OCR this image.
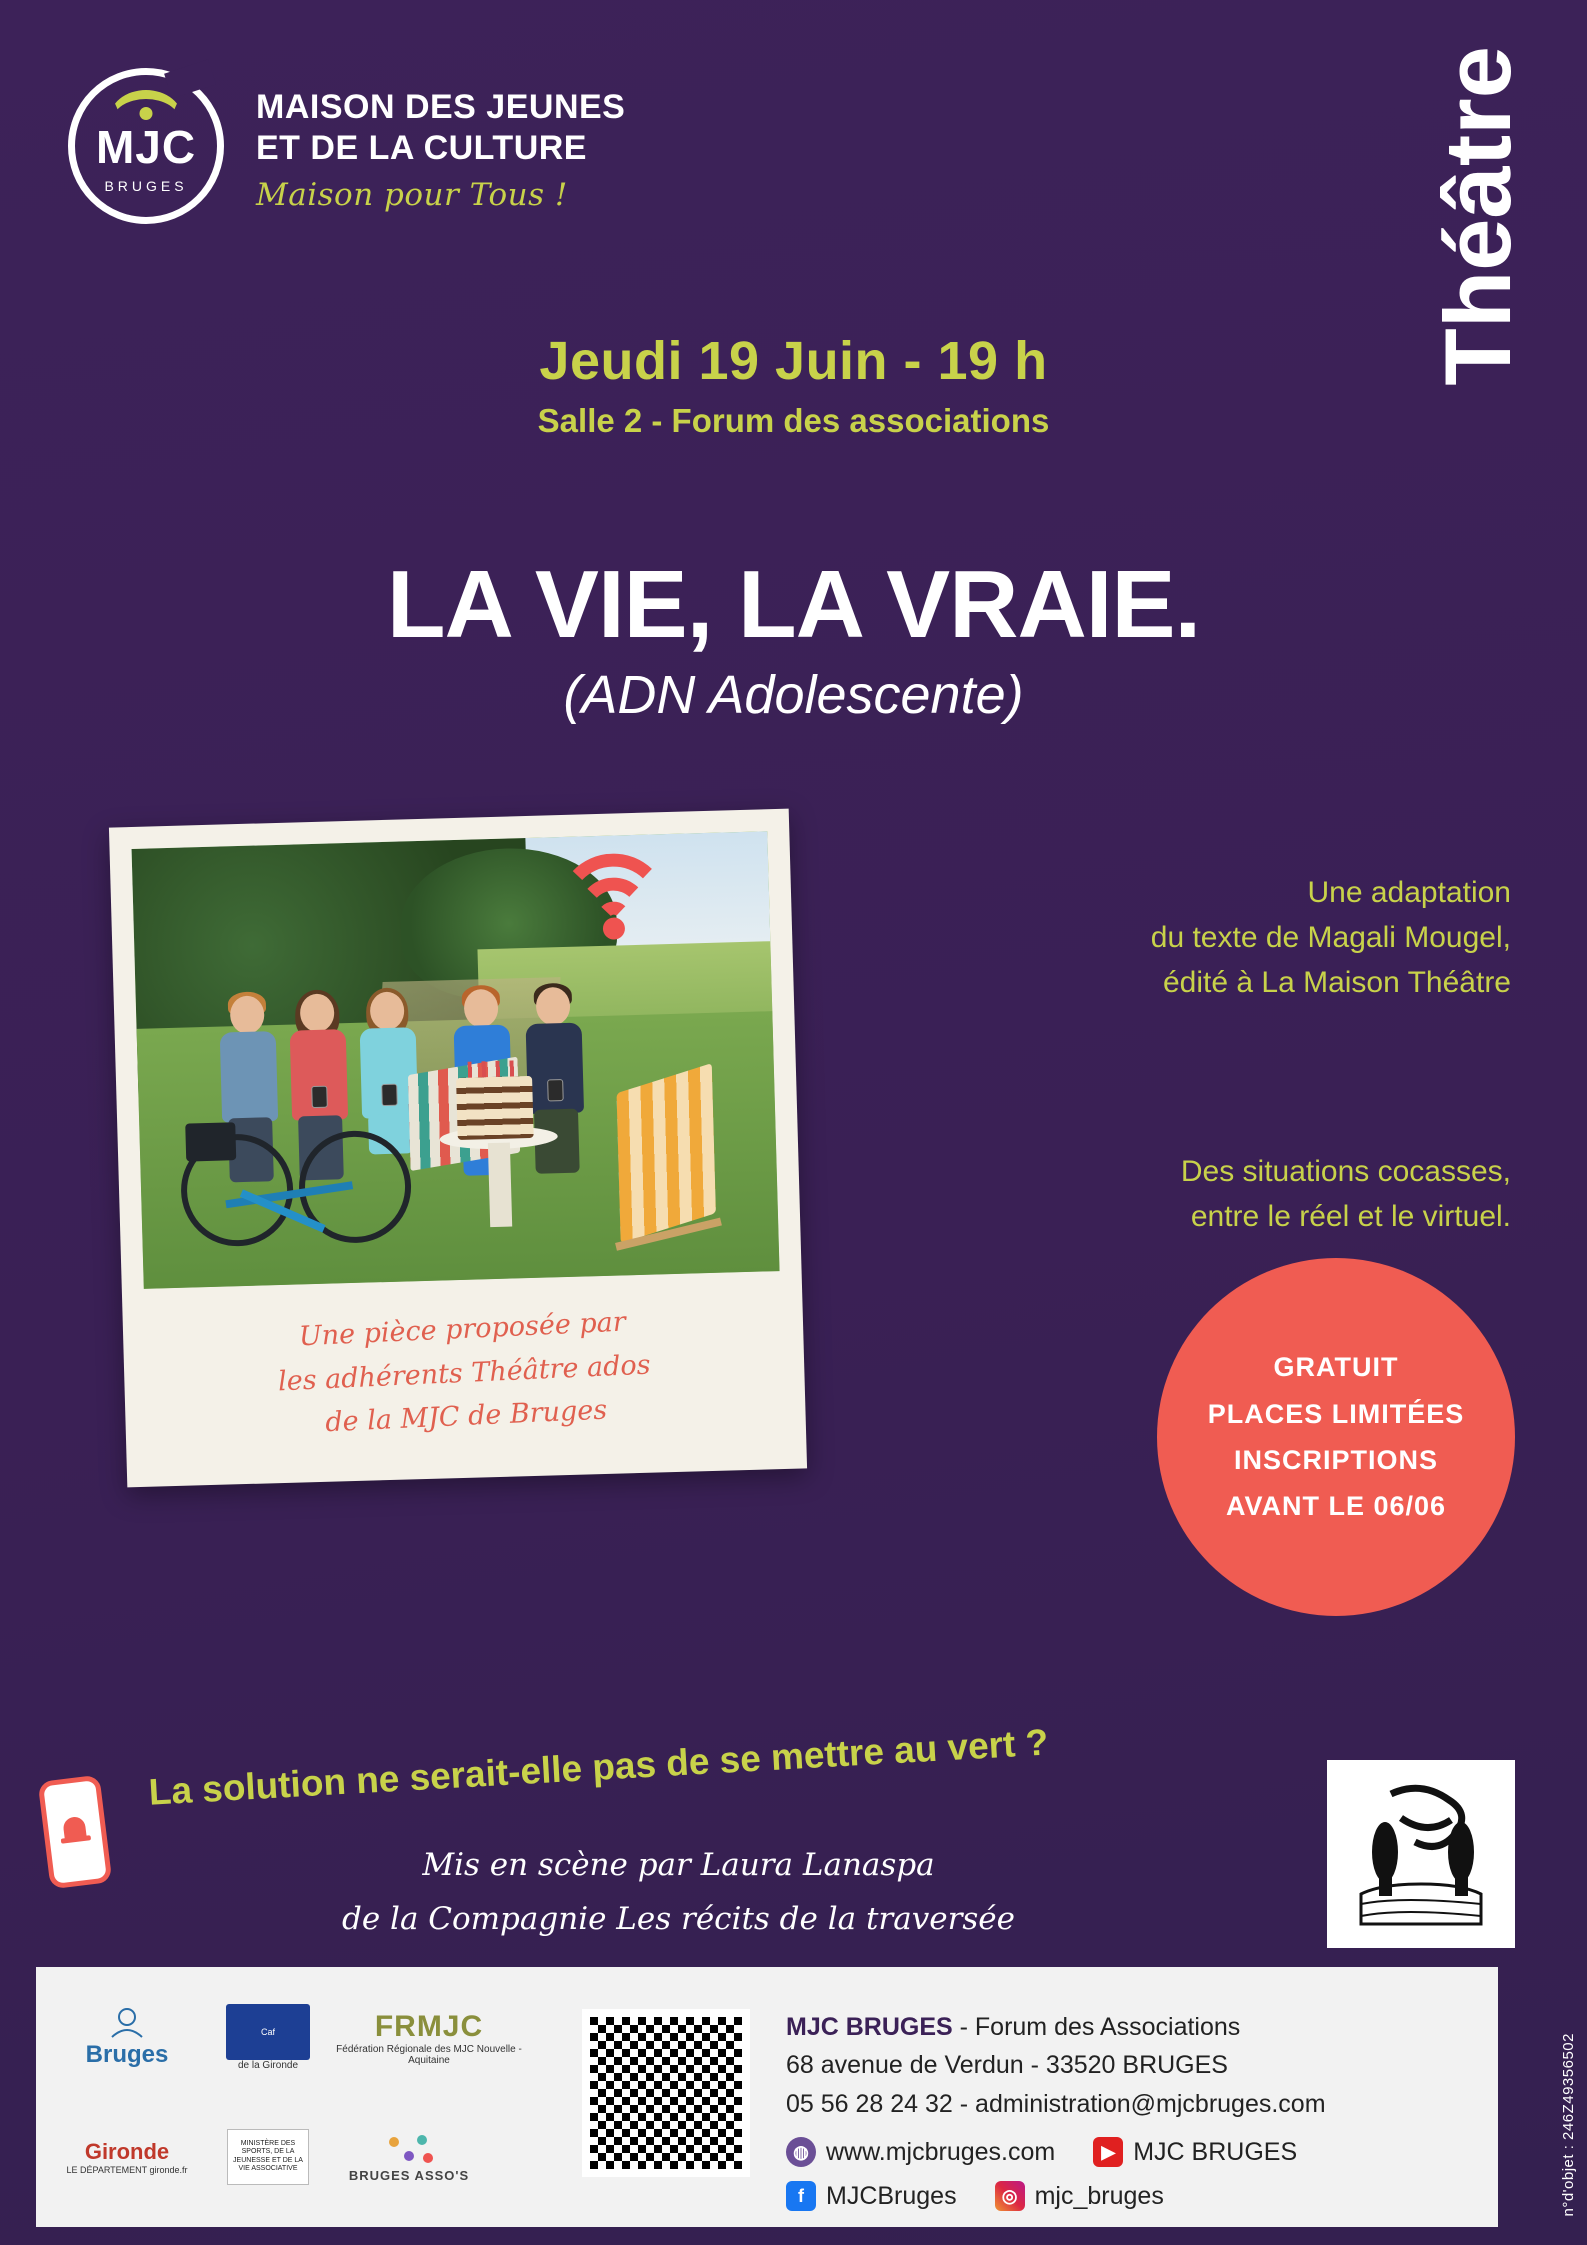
MJC
BRUGES
MAISON DES JEUNES
ET DE LA CULTURE
Maison pour Tous !	Théâtre
Jeudi 19 Juin - 19 h
Salle 2 - Forum des associations
LA VIE, LA VRAIE.
(ADN Adolescente)
Une pièce proposée par
les adhérents Théâtre ados
de la MJC de Bruges
Une adaptation
du texte de Magali Mougel,
édité à La Maison Théâtre
Des situations cocasses,
entre le réel et le virtuel.
GRATUIT
PLACES LIMITÉES
INSCRIPTIONS
AVANT LE 06/06
La solution ne serait-elle pas de se mettre au vert ?
Mis en scène par Laura Lanaspa
de la Compagnie Les récits de la traversée
Bruges
Caf
de la Gironde
FRMJC
Fédération Régionale des MJC Nouvelle - Aquitaine
Gironde
LE DÉPARTEMENT gironde.fr
MINISTÈRE DES SPORTS, DE LA JEUNESSE ET DE LA VIE ASSOCIATIVE	BRUGES ASSO'S
MJC BRUGES - Forum des Associations
68 avenue de Verdun - 33520 BRUGES
05 56 28 24 32 - administration@mjcbruges.com
◍ www.mjcbruges.com	▶ MJC BRUGES
f MJCBruges	◎ mjc_bruges	n°d'objet : 246Z49356502
